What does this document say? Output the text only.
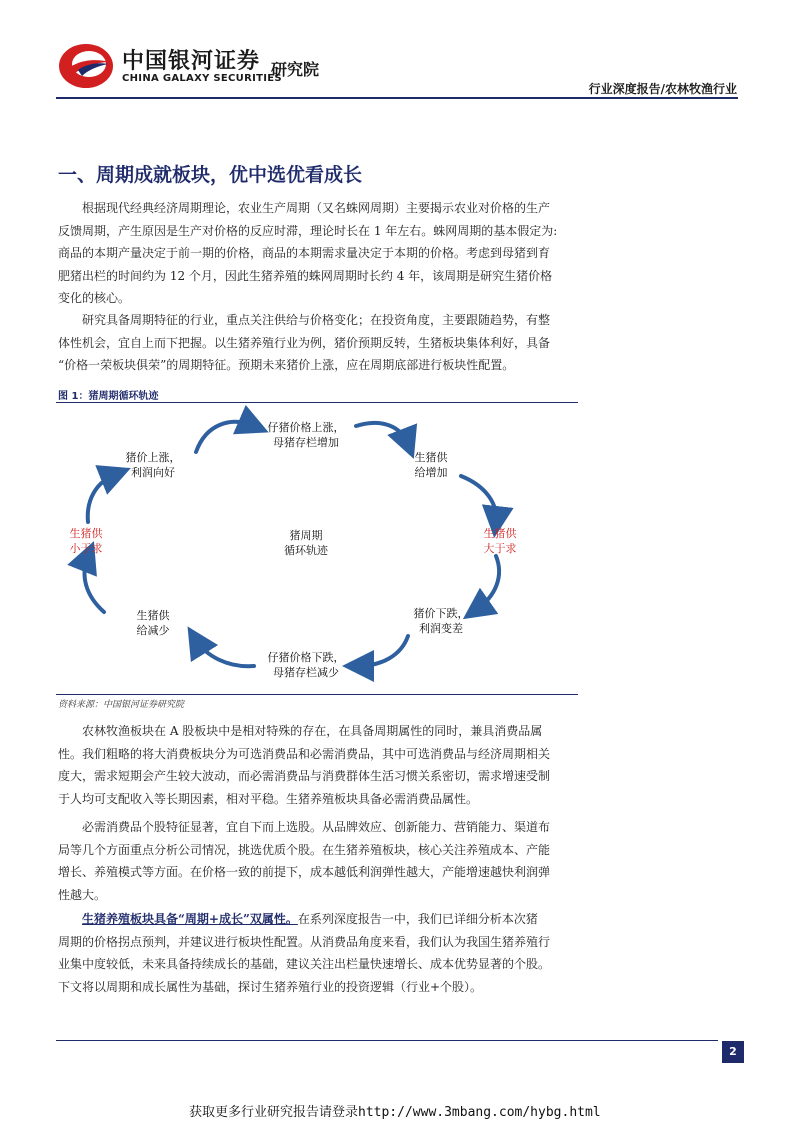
中国银河证券 研究院
CHINA GALAXY SECURITIES
行业深度报告/农林牧渔行业
一、周期成就板块，优中选优看成长
根据现代经典经济周期理论，农业生产周期（又名蛛网周期）主要揭示农业对价格的生产
反馈周期，产生原因是生产对价格的反应时滞，理论时长在 1 年左右。蛛网周期的基本假定为:
商品的本期产量决定于前一期的价格，商品的本期需求量决定于本期的价格。考虑到母猪到育
肥猪出栏的时间约为 12 个月，因此生猪养殖的蛛网周期时长约 4 年，该周期是研究生猪价格
变化的核心。
研究具备周期特征的行业，重点关注供给与价格变化；在投资角度，主要跟随趋势，有整
体性机会，宜自上而下把握。以生猪养殖行业为例，猪价预期反转，生猪板块集体利好，具备
“价格一荣板块俱荣”的周期特征。预期未来猪价上涨，应在周期底部进行板块性配置。
图 1：猪周期循环轨迹
仔猪价格上涨，
母猪存栏增加
猪价上涨，
利润向好
生猪供
给增加
生猪供
小于求
猪周期
循环轨迹
生猪供
大于求
生猪供
给减少
猪价下跌，
利润变差
仔猪价格下跌，
母猪存栏减少
资料来源：中国银河证券研究院
农林牧渔板块在 A 股板块中是相对特殊的存在，在具备周期属性的同时，兼具消费品属
性。我们粗略的将大消费板块分为可选消费品和必需消费品，其中可选消费品与经济周期相关
度大，需求短期会产生较大波动，而必需消费品与消费群体生活习惯关系密切，需求增速受制
于人均可支配收入等长期因素，相对平稳。生猪养殖板块具备必需消费品属性。
必需消费品个股特征显著，宜自下而上选股。从品牌效应、创新能力、营销能力、渠道布
局等几个方面重点分析公司情况，挑选优质个股。在生猪养殖板块，核心关注养殖成本、产能
增长、养殖模式等方面。在价格一致的前提下，成本越低利润弹性越大，产能增速越快利润弹
性越大。
生猪养殖板块具备“周期+成长”双属性。在系列深度报告一中，我们已详细分析本次猪
周期的价格拐点预判，并建议进行板块性配置。从消费品角度来看，我们认为我国生猪养殖行
业集中度较低，未来具备持续成长的基础，建议关注出栏量快速增长、成本优势显著的个股。
下文将以周期和成长属性为基础，探讨生猪养殖行业的投资逻辑（行业+个股）。
2
获取更多行业研究报告请登录http://www.3mbang.com/hybg.html
